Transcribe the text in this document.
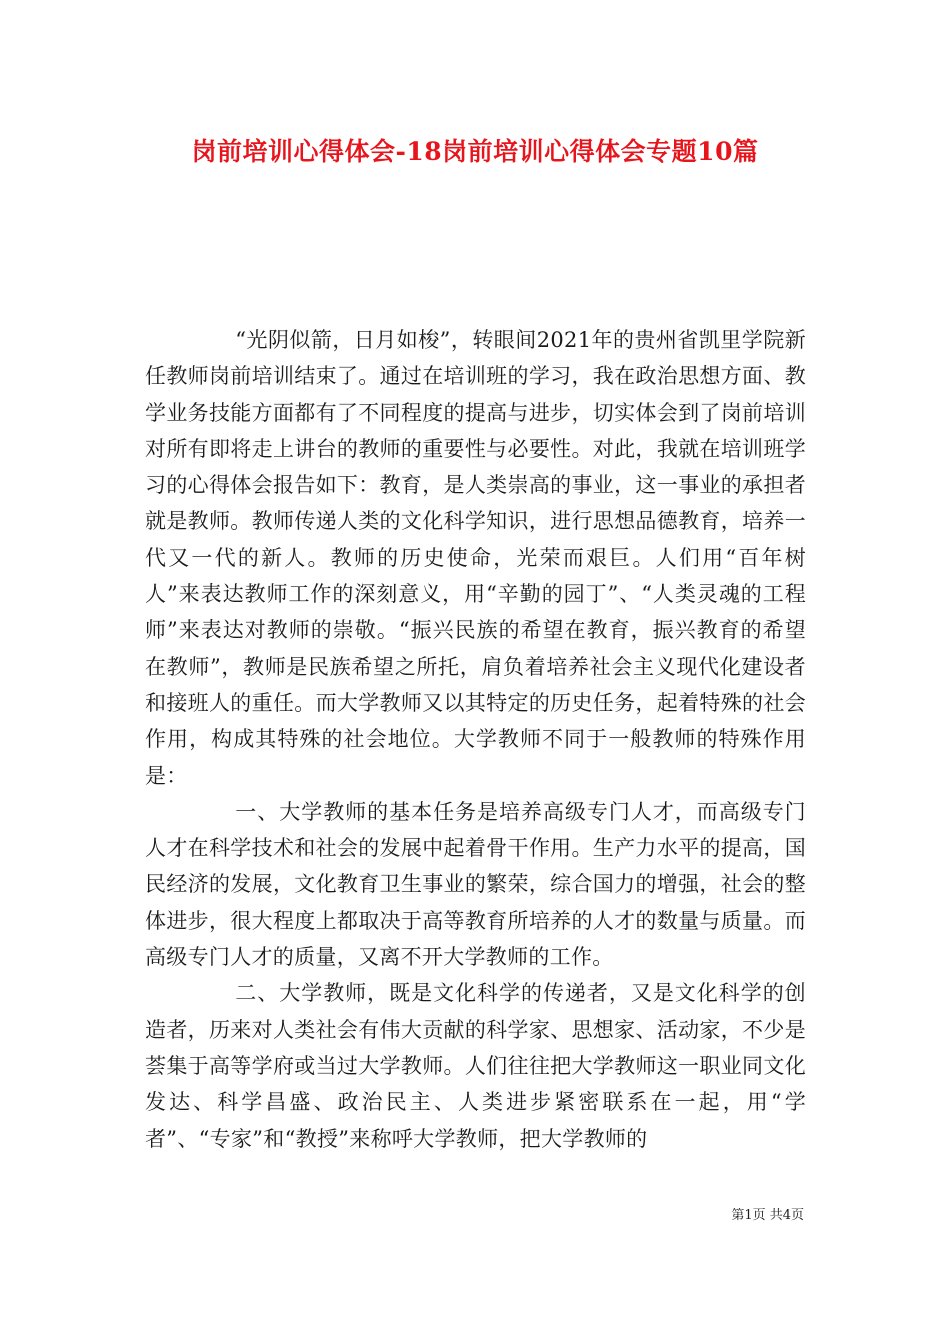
岗前培训心得体会-18岗前培训心得体会专题10篇

“光阴似箭，日月如梭”，转眼间2021年的贵州省凯里学院新任教师岗前培训结束了。通过在培训班的学习，我在政治思想方面、教学业务技能方面都有了不同程度的提高与进步，切实体会到了岗前培训对所有即将走上讲台的教师的重要性与必要性。对此，我就在培训班学习的心得体会报告如下：教育，是人类崇高的事业，这一事业的承担者就是教师。教师传递人类的文化科学知识，进行思想品德教育，培养一代又一代的新人。教师的历史使命，光荣而艰巨。人们用“百年树人”来表达教师工作的深刻意义，用“辛勤的园丁”、“人类灵魂的工程师”来表达对教师的崇敬。“振兴民族的希望在教育，振兴教育的希望在教师”，教师是民族希望之所托，肩负着培养社会主义现代化建设者和接班人的重任。而大学教师又以其特定的历史任务，起着特殊的社会作用，构成其特殊的社会地位。大学教师不同于一般教师的特殊作用是：

一、大学教师的基本任务是培养高级专门人才，而高级专门人才在科学技术和社会的发展中起着骨干作用。生产力水平的提高，国民经济的发展，文化教育卫生事业的繁荣，综合国力的增强，社会的整体进步，很大程度上都取决于高等教育所培养的人才的数量与质量。而高级专门人才的质量，又离不开大学教师的工作。

二、大学教师，既是文化科学的传递者，又是文化科学的创造者，历来对人类社会有伟大贡献的科学家、思想家、活动家，不少是荟集于高等学府或当过大学教师。人们往往把大学教师这一职业同文化发达、科学昌盛、政治民主、人类进步紧密联系在一起，用“学者”、“专家”和“教授”来称呼大学教师，把大学教师的

第1页 共4页
